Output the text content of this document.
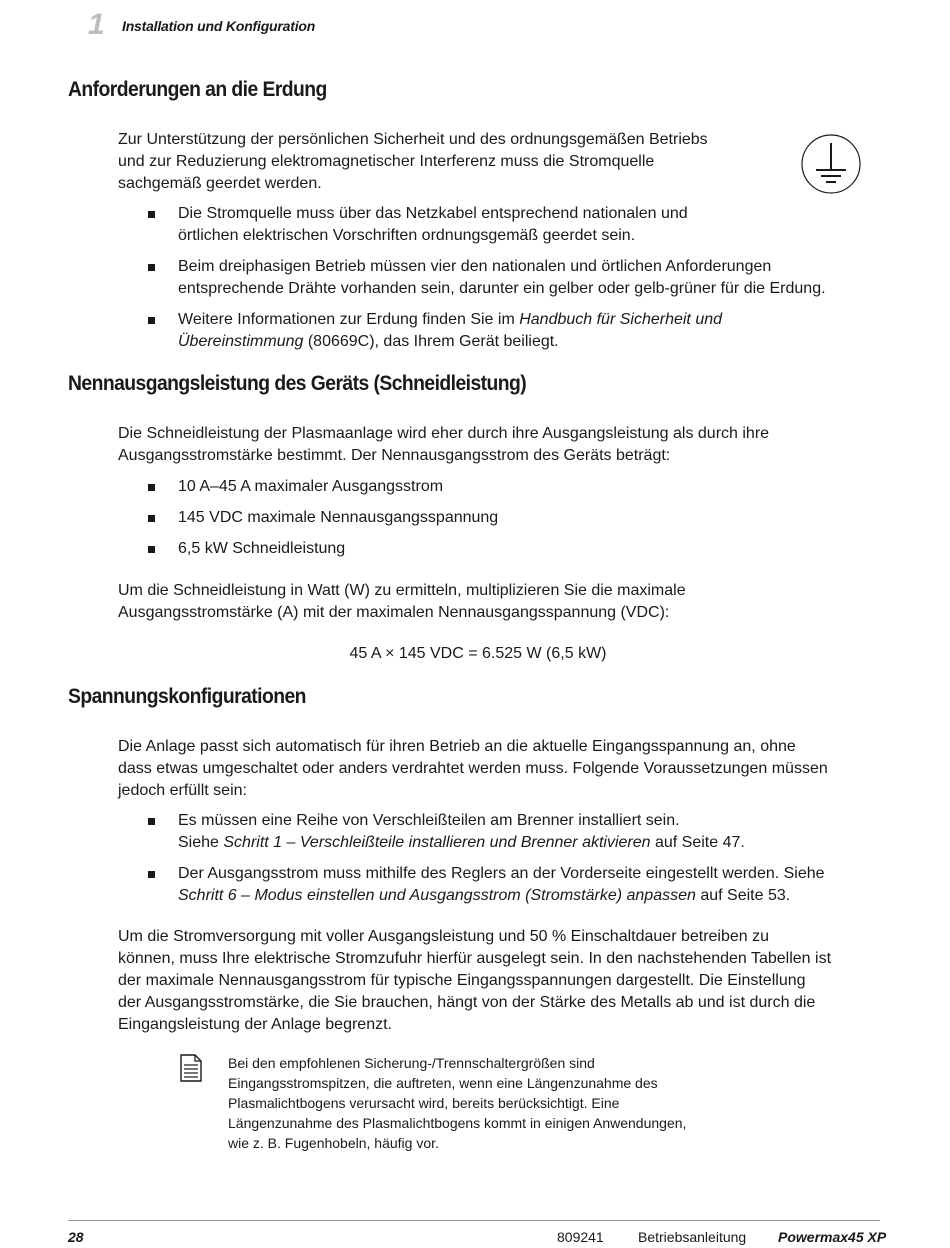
1 Installation und Konfiguration
Anforderungen an die Erdung
Zur Unterstützung der persönlichen Sicherheit und des ordnungsgemäßen Betriebs
und zur Reduzierung elektromagnetischer Interferenz muss die Stromquelle
sachgemäß geerdet werden.
Die Stromquelle muss über das Netzkabel entsprechend nationalen und
örtlichen elektrischen Vorschriften ordnungsgemäß geerdet sein.
Beim dreiphasigen Betrieb müssen vier den nationalen und örtlichen Anforderungen
entsprechende Drähte vorhanden sein, darunter ein gelber oder gelb-grüner für die Erdung.
Weitere Informationen zur Erdung finden Sie im Handbuch für Sicherheit und
Übereinstimmung (80669C), das Ihrem Gerät beiliegt.
Nennausgangsleistung des Geräts (Schneidleistung)
Die Schneidleistung der Plasmaanlage wird eher durch ihre Ausgangsleistung als durch ihre
Ausgangsstromstärke bestimmt. Der Nennausgangsstrom des Geräts beträgt:
10 A–45 A maximaler Ausgangsstrom
145 VDC maximale Nennausgangsspannung
6,5 kW Schneidleistung
Um die Schneidleistung in Watt (W) zu ermitteln, multiplizieren Sie die maximale
Ausgangsstromstärke (A) mit der maximalen Nennausgangsspannung (VDC):
45 A × 145 VDC = 6.525 W (6,5 kW)
Spannungskonfigurationen
Die Anlage passt sich automatisch für ihren Betrieb an die aktuelle Eingangsspannung an, ohne
dass etwas umgeschaltet oder anders verdrahtet werden muss. Folgende Voraussetzungen müssen
jedoch erfüllt sein:
Es müssen eine Reihe von Verschleißteilen am Brenner installiert sein.
Siehe Schritt 1 – Verschleißteile installieren und Brenner aktivieren auf Seite 47.
Der Ausgangsstrom muss mithilfe des Reglers an der Vorderseite eingestellt werden. Siehe
Schritt 6 – Modus einstellen und Ausgangsstrom (Stromstärke) anpassen auf Seite 53.
Um die Stromversorgung mit voller Ausgangsleistung und 50 % Einschaltdauer betreiben zu
können, muss Ihre elektrische Stromzufuhr hierfür ausgelegt sein. In den nachstehenden Tabellen ist
der maximale Nennausgangsstrom für typische Eingangsspannungen dargestellt. Die Einstellung
der Ausgangsstromstärke, die Sie brauchen, hängt von der Stärke des Metalls ab und ist durch die
Eingangsleistung der Anlage begrenzt.
Bei den empfohlenen Sicherung-/Trennschaltergrößen sind
Eingangsstromspitzen, die auftreten, wenn eine Längenzunahme des
Plasmalichtbogens verursacht wird, bereits berücksichtigt. Eine
Längenzunahme des Plasmalichtbogens kommt in einigen Anwendungen,
wie z. B. Fugenhobeln, häufig vor.
28	809241 Betriebsanleitung Powermax45 XP
